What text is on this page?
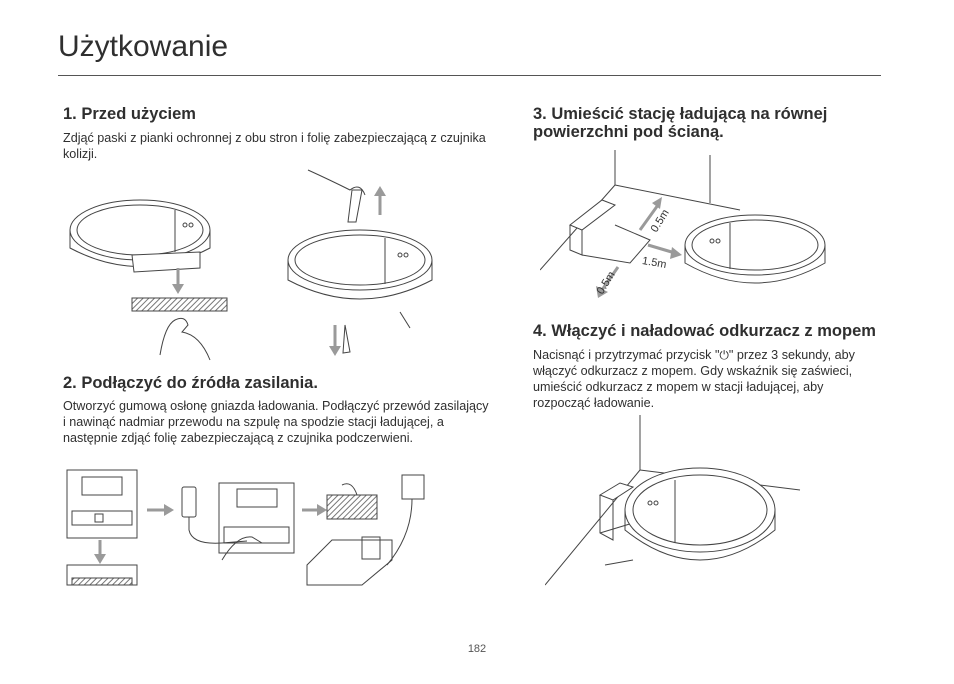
Użytkowanie
1. Przed użyciem

Zdjąć paski z pianki ochronnej z obu stron i folię zabezpieczającą z czujnika kolizji.

2. Podłączyć do źródła zasilania.

Otworzyć gumową osłonę gniazda ładowania. Podłączyć przewód zasilający i nawinąć nadmiar przewodu na szpulę na spodzie stacji ładującej, a następnie zdjąć folię zabezpieczającą z czujnika podczerwieni.

3. Umieścić stację ładującą na równej powierzchni pod ścianą.
0.5m
1.5m
0.5m
4. Włączyć i naładować odkurzacz z mopem

Nacisnąć i przytrzymać przycisk "⏻" przez 3 sekundy, aby włączyć odkurzacz z mopem. Gdy wskaźnik się zaświeci, umieścić odkurzacz z mopem w stacji ładującej, aby rozpocząć ładowanie.

182
